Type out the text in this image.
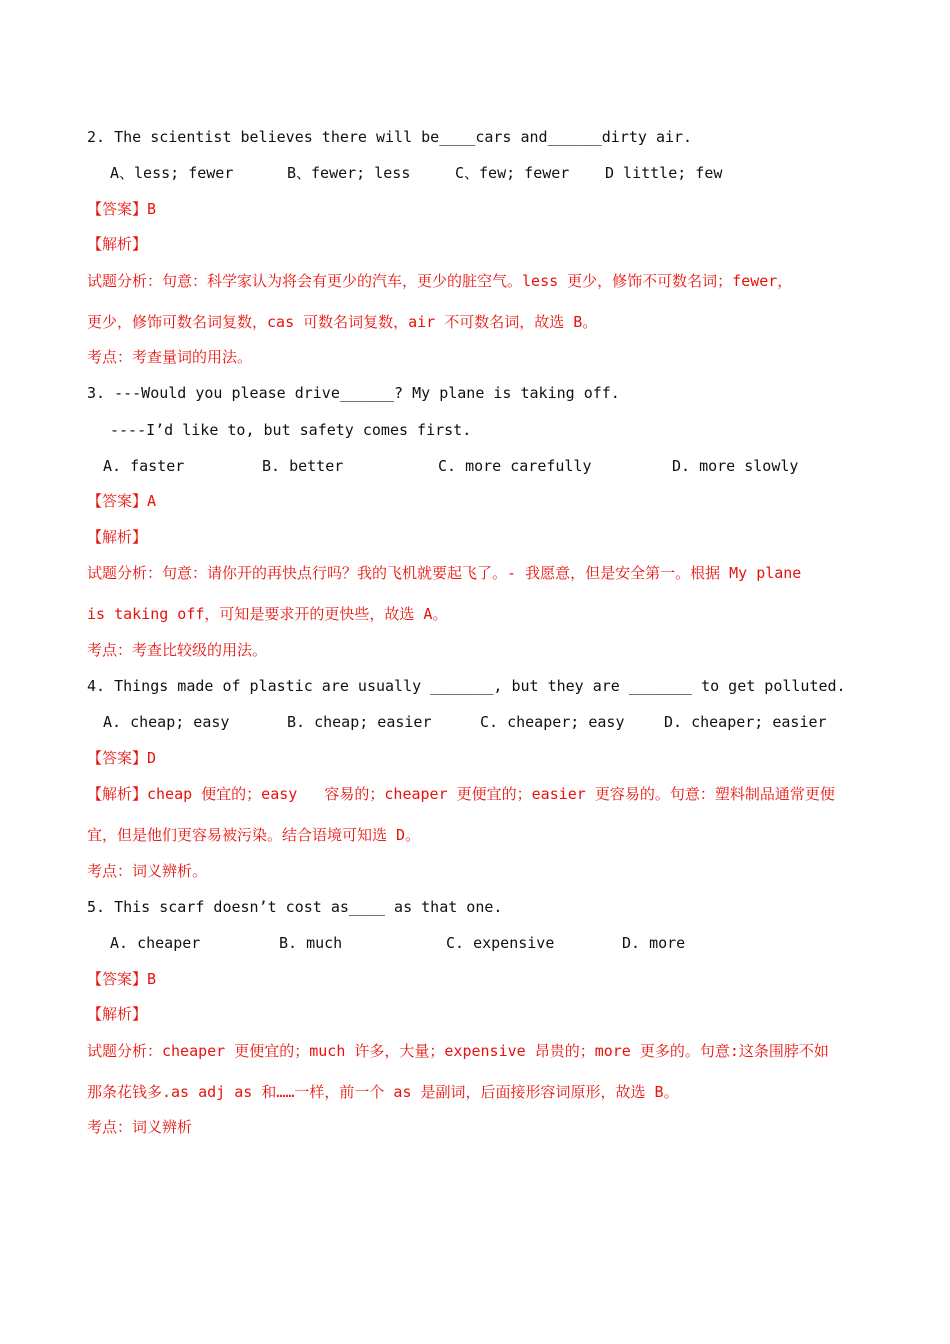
2. The scientist believes there will be____cars and______dirty air.
A、less; fewer	B、fewer; less	C、few; fewer D little; few
【答案】B
【解析】
试题分析：句意：科学家认为将会有更少的汽车，更少的脏空气。less 更少，修饰不可数名词；fewer，
更少，修饰可数名词复数，cas 可数名词复数，air 不可数名词，故选 B。
考点：考查量词的用法。
3. ---Would you please drive______? My plane is taking off.
----I’d like to, but safety comes first.
A. faster	B. better	C. more carefully	D. more slowly
【答案】A
【解析】
试题分析：句意：请你开的再快点行吗？我的飞机就要起飞了。- 我愿意，但是安全第一。根据 My plane
is taking off，可知是要求开的更快些，故选 A。
考点：考查比较级的用法。
4. Things made of plastic are usually _______, but they are _______ to get polluted.
A. cheap; easy	B. cheap; easier	C. cheaper; easy	D. cheaper; easier
【答案】D
【解析】cheap 便宜的；easy   容易的；cheaper 更便宜的；easier 更容易的。句意：塑料制品通常更便
宜，但是他们更容易被污染。结合语境可知选 D。
考点：词义辨析。
5. This scarf doesn’t cost as____ as that one.
A. cheaper	B. much	C. expensive	D. more
【答案】B
【解析】
试题分析：cheaper 更便宜的；much 许多，大量；expensive 昂贵的；more 更多的。句意:这条围脖不如
那条花钱多.as adj as 和……一样，前一个 as 是副词，后面接形容词原形，故选 B。
考点：词义辨析
